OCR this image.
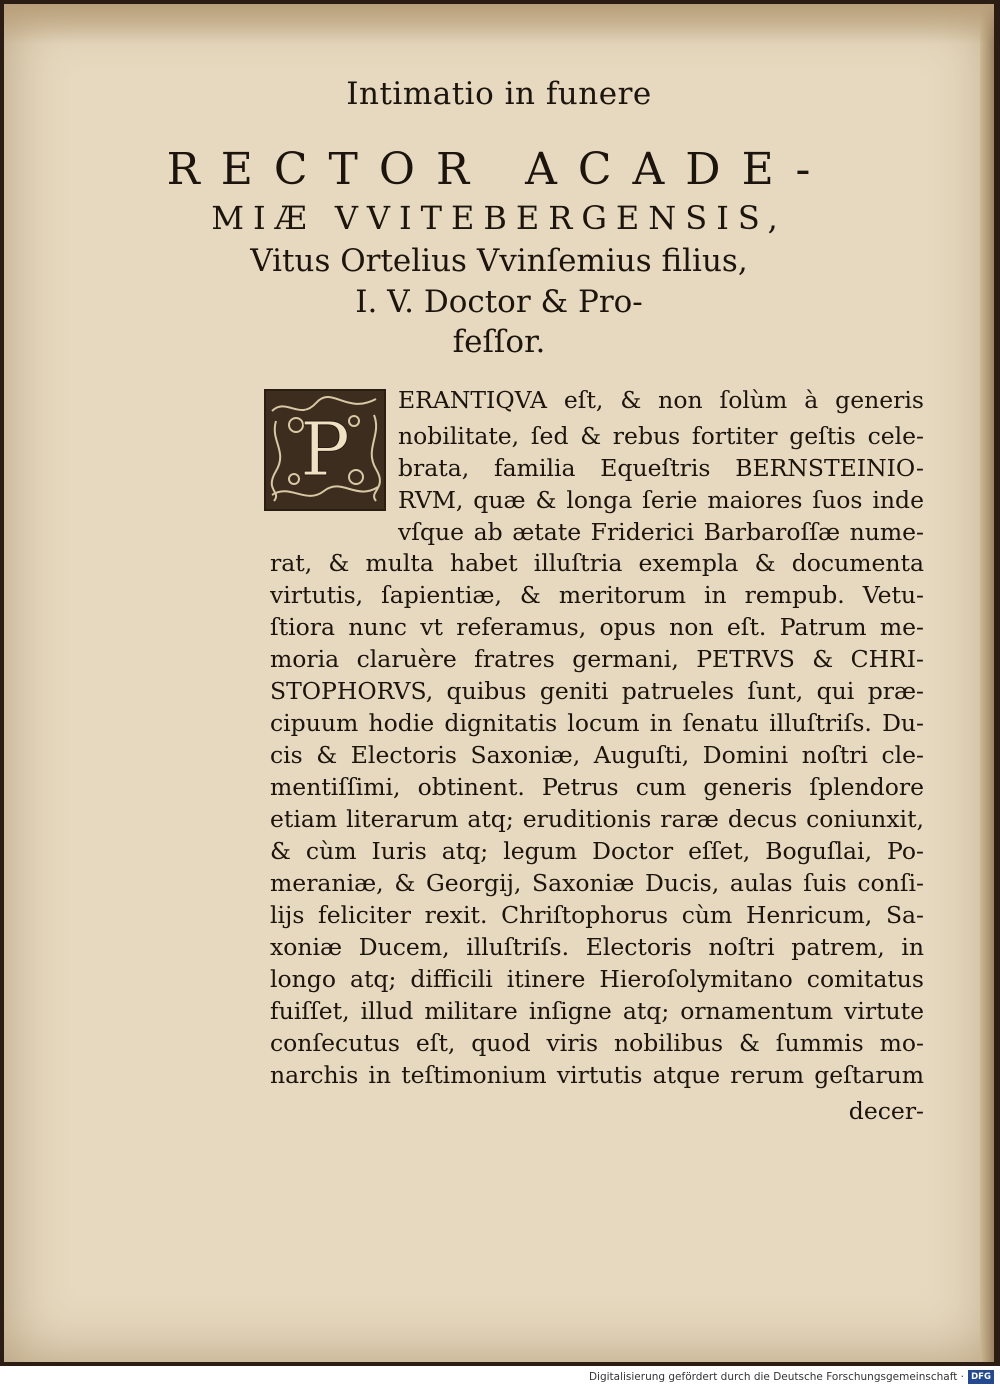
Intimatio in funere
RECTOR ACADE-
MIÆ VVITEBERGENSIS,
Vitus Ortelius Vvinſemius filius,
I. V. Doctor & Pro-
feſſor.
P
ERANTIQVA eſt, & non ſolùm à generis
nobilitate, ſed & rebus fortiter geſtis cele-
brata, familia Equeſtris BERNSTEINIO-
RVM, quæ & longa ſerie maiores ſuos inde
vſque ab ætate Friderici Barbaroſſæ nume-
rat, & multa habet illuſtria exempla & documenta
virtutis, ſapientiæ, & meritorum in rempub. Vetu-
ſtiora nunc vt referamus, opus non eſt. Patrum me-
moria claruère fratres germani, PETRVS & CHRI-
STOPHORVS, quibus geniti patrueles ſunt, qui præ-
cipuum hodie dignitatis locum in ſenatu illuſtriſs. Du-
cis & Electoris Saxoniæ, Auguſti, Domini noſtri cle-
mentiſſimi, obtinent. Petrus cum generis ſplendore
etiam literarum atq; eruditionis raræ decus coniunxit,
& cùm Iuris atq; legum Doctor eſſet, Boguſlai, Po-
meraniæ, & Georgij, Saxoniæ Ducis, aulas ſuis conſi-
lijs feliciter rexit. Chriſtophorus cùm Henricum, Sa-
xoniæ Ducem, illuſtriſs. Electoris noſtri patrem, in
longo atq; difficili itinere Hieroſolymitano comitatus
fuiſſet, illud militare inſigne atq; ornamentum virtute
conſecutus eſt, quod viris nobilibus & ſummis mo-
narchis in teſtimonium virtutis atque rerum geſtarum
decer-
Digitalisierung gefördert durch die Deutsche Forschungsgemeinschaft · DFG
